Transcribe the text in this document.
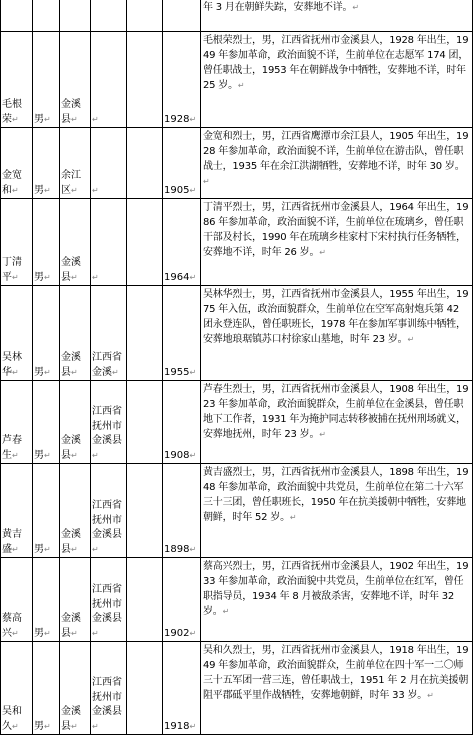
						年 3 月在朝鲜失踪，安葬地不详。↵
毛根荣↵	男↵	金溪县↵	↵		1928↵	毛根荣烈士，男，江西省抚州市金溪县人，1928 年出生，1949 年参加革命，政治面貌不详，生前单位在志愿军 174 团，曾任职战士，1953 年在朝鲜战争中牺牲，安葬地不详，时年 25 岁。↵
金宽和↵	男↵	余江区↵	↵		1905↵	金宽和烈士，男，江西省鹰潭市余江县人，1905 年出生，1928 年参加革命，政治面貌不详，生前单位在游击队，曾任职战士，1935 年在余江洪湖牺牲，安葬地不详，时年 30 岁。↵
丁清平↵	男↵	金溪县↵	↵		1964↵	丁清平烈士，男，江西省抚州市金溪县人，1964 年出生，1986 年参加革命，政治面貌不详，生前单位在琉璃乡，曾任职干部及村长，1990 年在琉璃乡桂家村下宋村执行任务牺牲，安葬地不详，时年 26 岁。↵
吴林华↵	男↵	金溪县↵	江西省金溪↵		1955↵	吴林华烈士，男，江西省抚州市金溪县人，1955 年出生，1975 年入伍，政治面貌群众，生前单位在空军高射炮兵第 42 团永登连队，曾任职班长，1978 年在参加军事训练中牺牲，安葬地琅琚镇苏口村徐家山墓地，时年 23 岁。↵
芦春生↵	男↵	金溪县↵	江西省抚州市金溪县↵		1908↵	芦春生烈士，男，江西省抚州市金溪县人，1908 年出生，1923 年参加革命，政治面貌群众，生前单位在金溪县，曾任职地下工作者，1931 年为掩护同志转移被捕在抚州刑场就义，安葬地抚州，时年 23 岁。↵
黄吉盛↵	男↵	金溪县↵	江西省抚州市金溪县↵		1898↵	黄吉盛烈士，男，江西省抚州市金溪县人，1898 年出生，1948 年参加革命，政治面貌中共党员，生前单位在第二十六军三十三团，曾任职班长，1950 年在抗美援朝中牺牲，安葬地朝鲜，时年 52 岁。↵
蔡高兴↵	男↵	金溪县↵	江西省抚州市金溪县↵		1902↵	蔡高兴烈士，男，江西省抚州市金溪县人，1902 年出生，1933 年参加革命，政治面貌中共党员，生前单位在红军，曾任职指导员，1934 年 8 月被敌杀害，安葬地不详，时年 32 岁。↵
吴和久↵	男↵	金溪县↵	江西省抚州市金溪县↵		1918↵	吴和久烈士，男，江西省抚州市金溪县人，1918 年出生，1949 年参加革命，政治面貌群众，生前单位在四十军一二〇师三十五军团一营三连，曾任职战士，1951 年 2 月在抗美援朝阻平郡砥平里作战牺牲，安葬地朝鲜，时年 33 岁。↵
